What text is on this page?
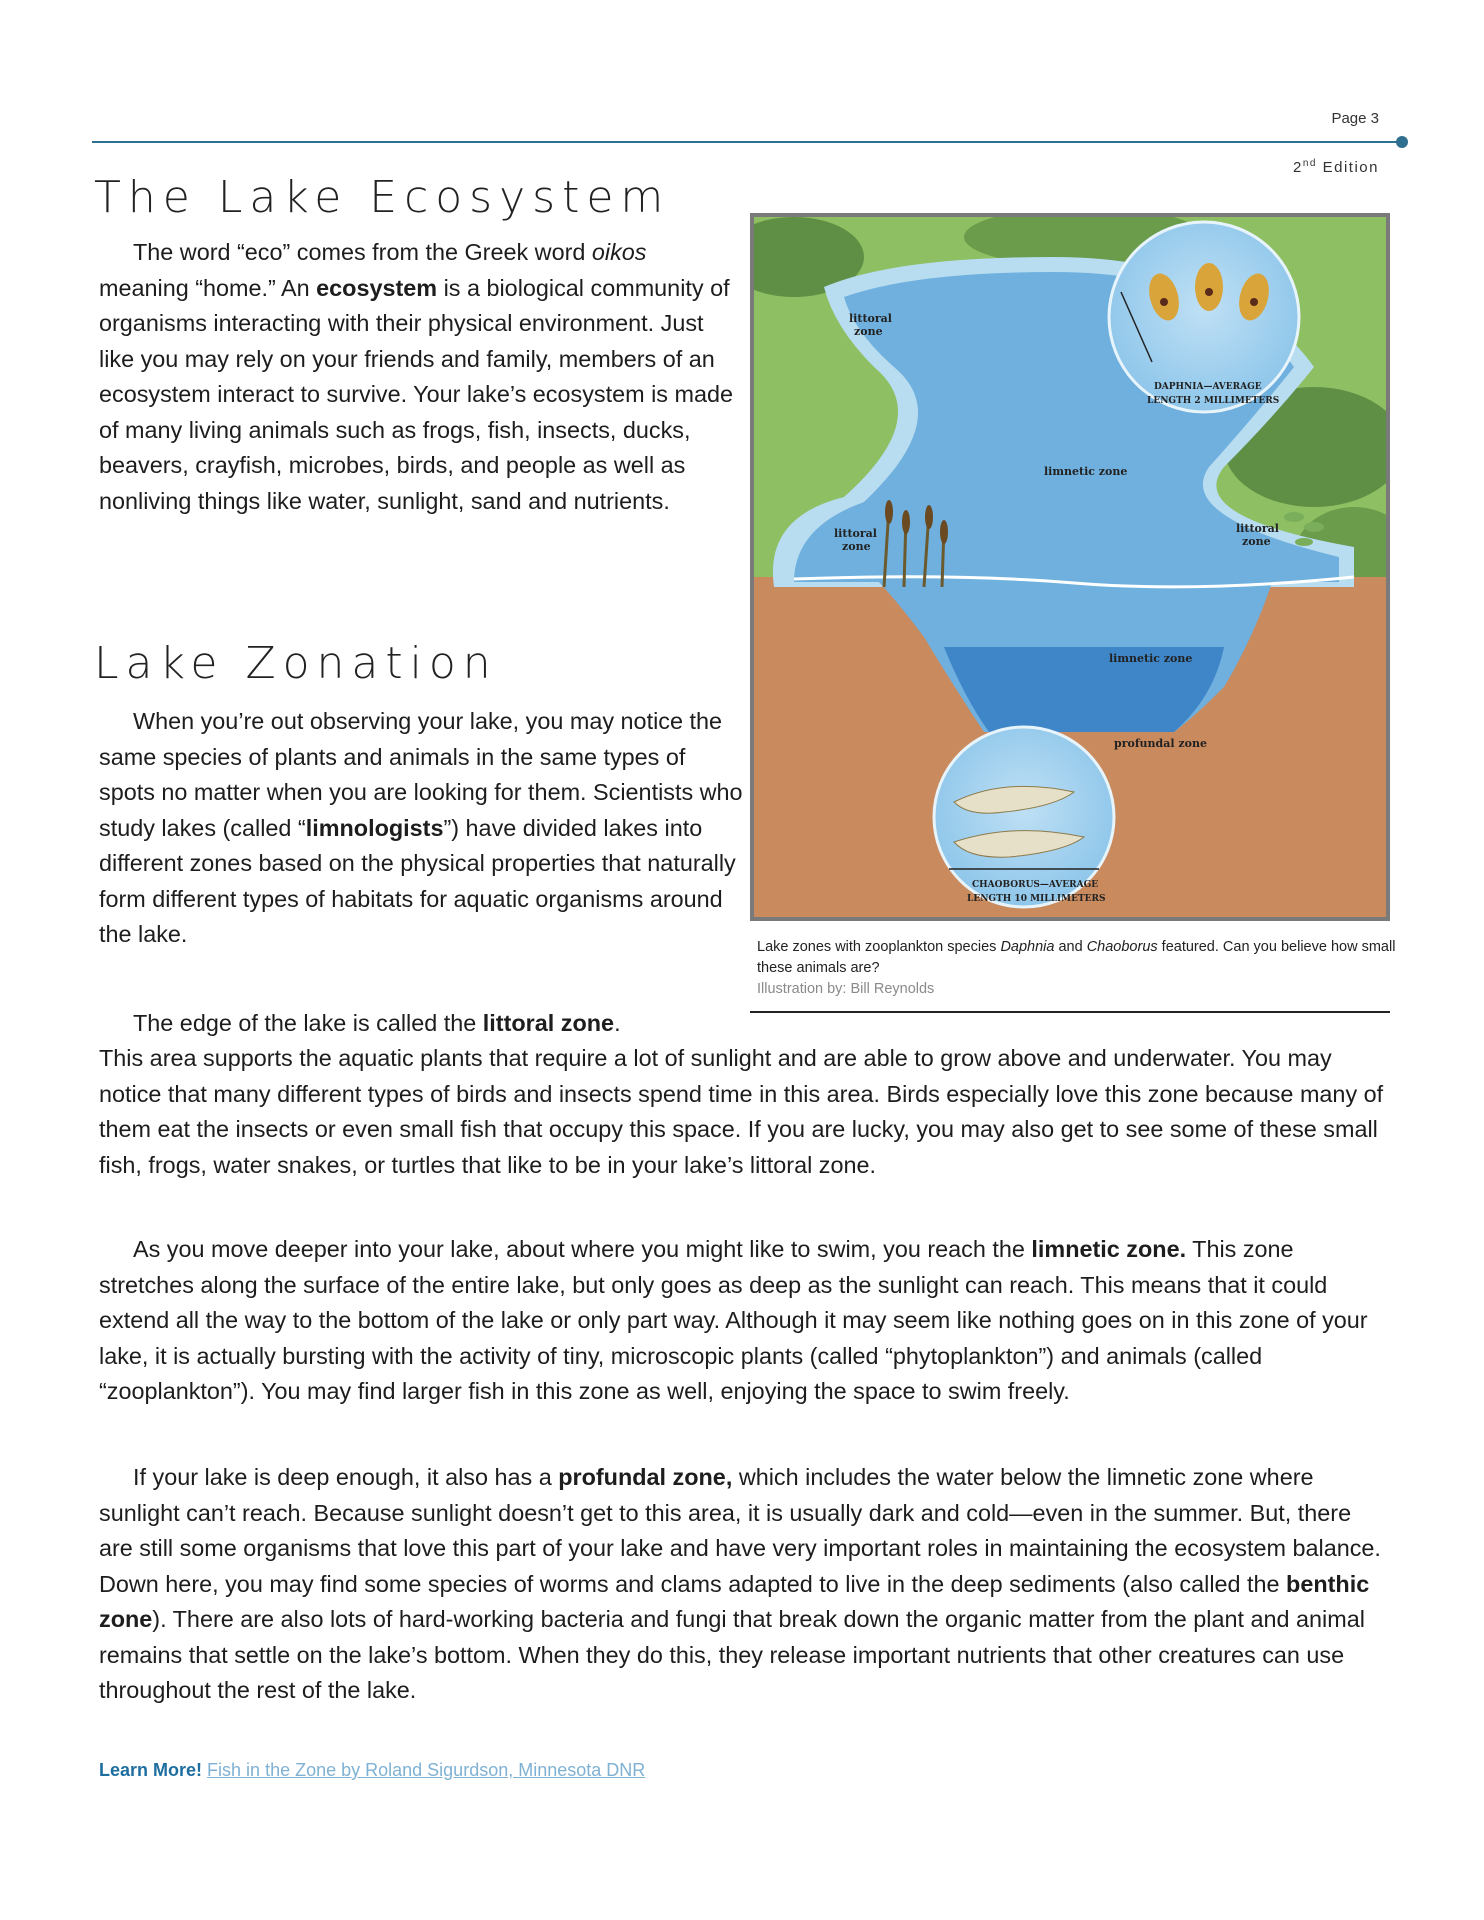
Page 3
2nd Edition
The Lake Ecosystem

The word “eco” comes from the Greek word oikos meaning “home.” An ecosystem is a biological community of organisms interacting with their physical environment. Just like you may rely on your friends and family, members of an ecosystem interact to survive. Your lake’s ecosystem is made of many living animals such as frogs, fish, insects, ducks, beavers, crayfish, microbes, birds, and people as well as nonliving things like water, sunlight, sand and nutrients.

Lake Zonation

When you’re out observing your lake, you may notice the same species of plants and animals in the same types of spots no matter when you are looking for them. Scientists who study lakes (called “limnologists”) have divided lakes into different zones based on the physical properties that naturally form different types of habitats for aquatic organisms around the lake.

The edge of the lake is called the littoral zone.

This area supports the aquatic plants that require a lot of sunlight and are able to grow above and underwater. You may notice that many different types of birds and insects spend time in this area. Birds especially love this zone because many of them eat the insects or even small fish that occupy this space. If you are lucky, you may also get to see some of these small fish, frogs, water snakes, or turtles that like to be in your lake’s littoral zone.

As you move deeper into your lake, about where you might like to swim, you reach the limnetic zone. This zone stretches along the surface of the entire lake, but only goes as deep as the sunlight can reach. This means that it could extend all the way to the bottom of the lake or only part way. Although it may seem like nothing goes on in this zone of your lake, it is actually bursting with the activity of tiny, microscopic plants (called “phytoplankton”) and animals (called “zooplankton”). You may find larger fish in this zone as well, enjoying the space to swim freely.

If your lake is deep enough, it also has a profundal zone, which includes the water below the limnetic zone where sunlight can’t reach. Because sunlight doesn’t get to this area, it is usually dark and cold—even in the summer. But, there are still some organisms that love this part of your lake and have very important roles in maintaining the ecosystem balance. Down here, you may find some species of worms and clams adapted to live in the deep sediments (also called the benthic zone). There are also lots of hard-working bacteria and fungi that break down the organic matter from the plant and animal remains that settle on the lake’s bottom. When they do this, they release important nutrients that other creatures can use throughout the rest of the lake.

littoral
zone
littoral
zone
littoral
zone
limnetic zone
limnetic zone
profundal zone
DAPHNIA—AVERAGE
LENGTH 2 MILLIMETERS
CHAOBORUS—AVERAGE
LENGTH 10 MILLIMETERS
Lake zones with zooplankton species Daphnia and Chaoborus featured. Can you believe how small these animals are?
Illustration by: Bill Reynolds
Learn More! Fish in the Zone by Roland Sigurdson, Minnesota DNR
